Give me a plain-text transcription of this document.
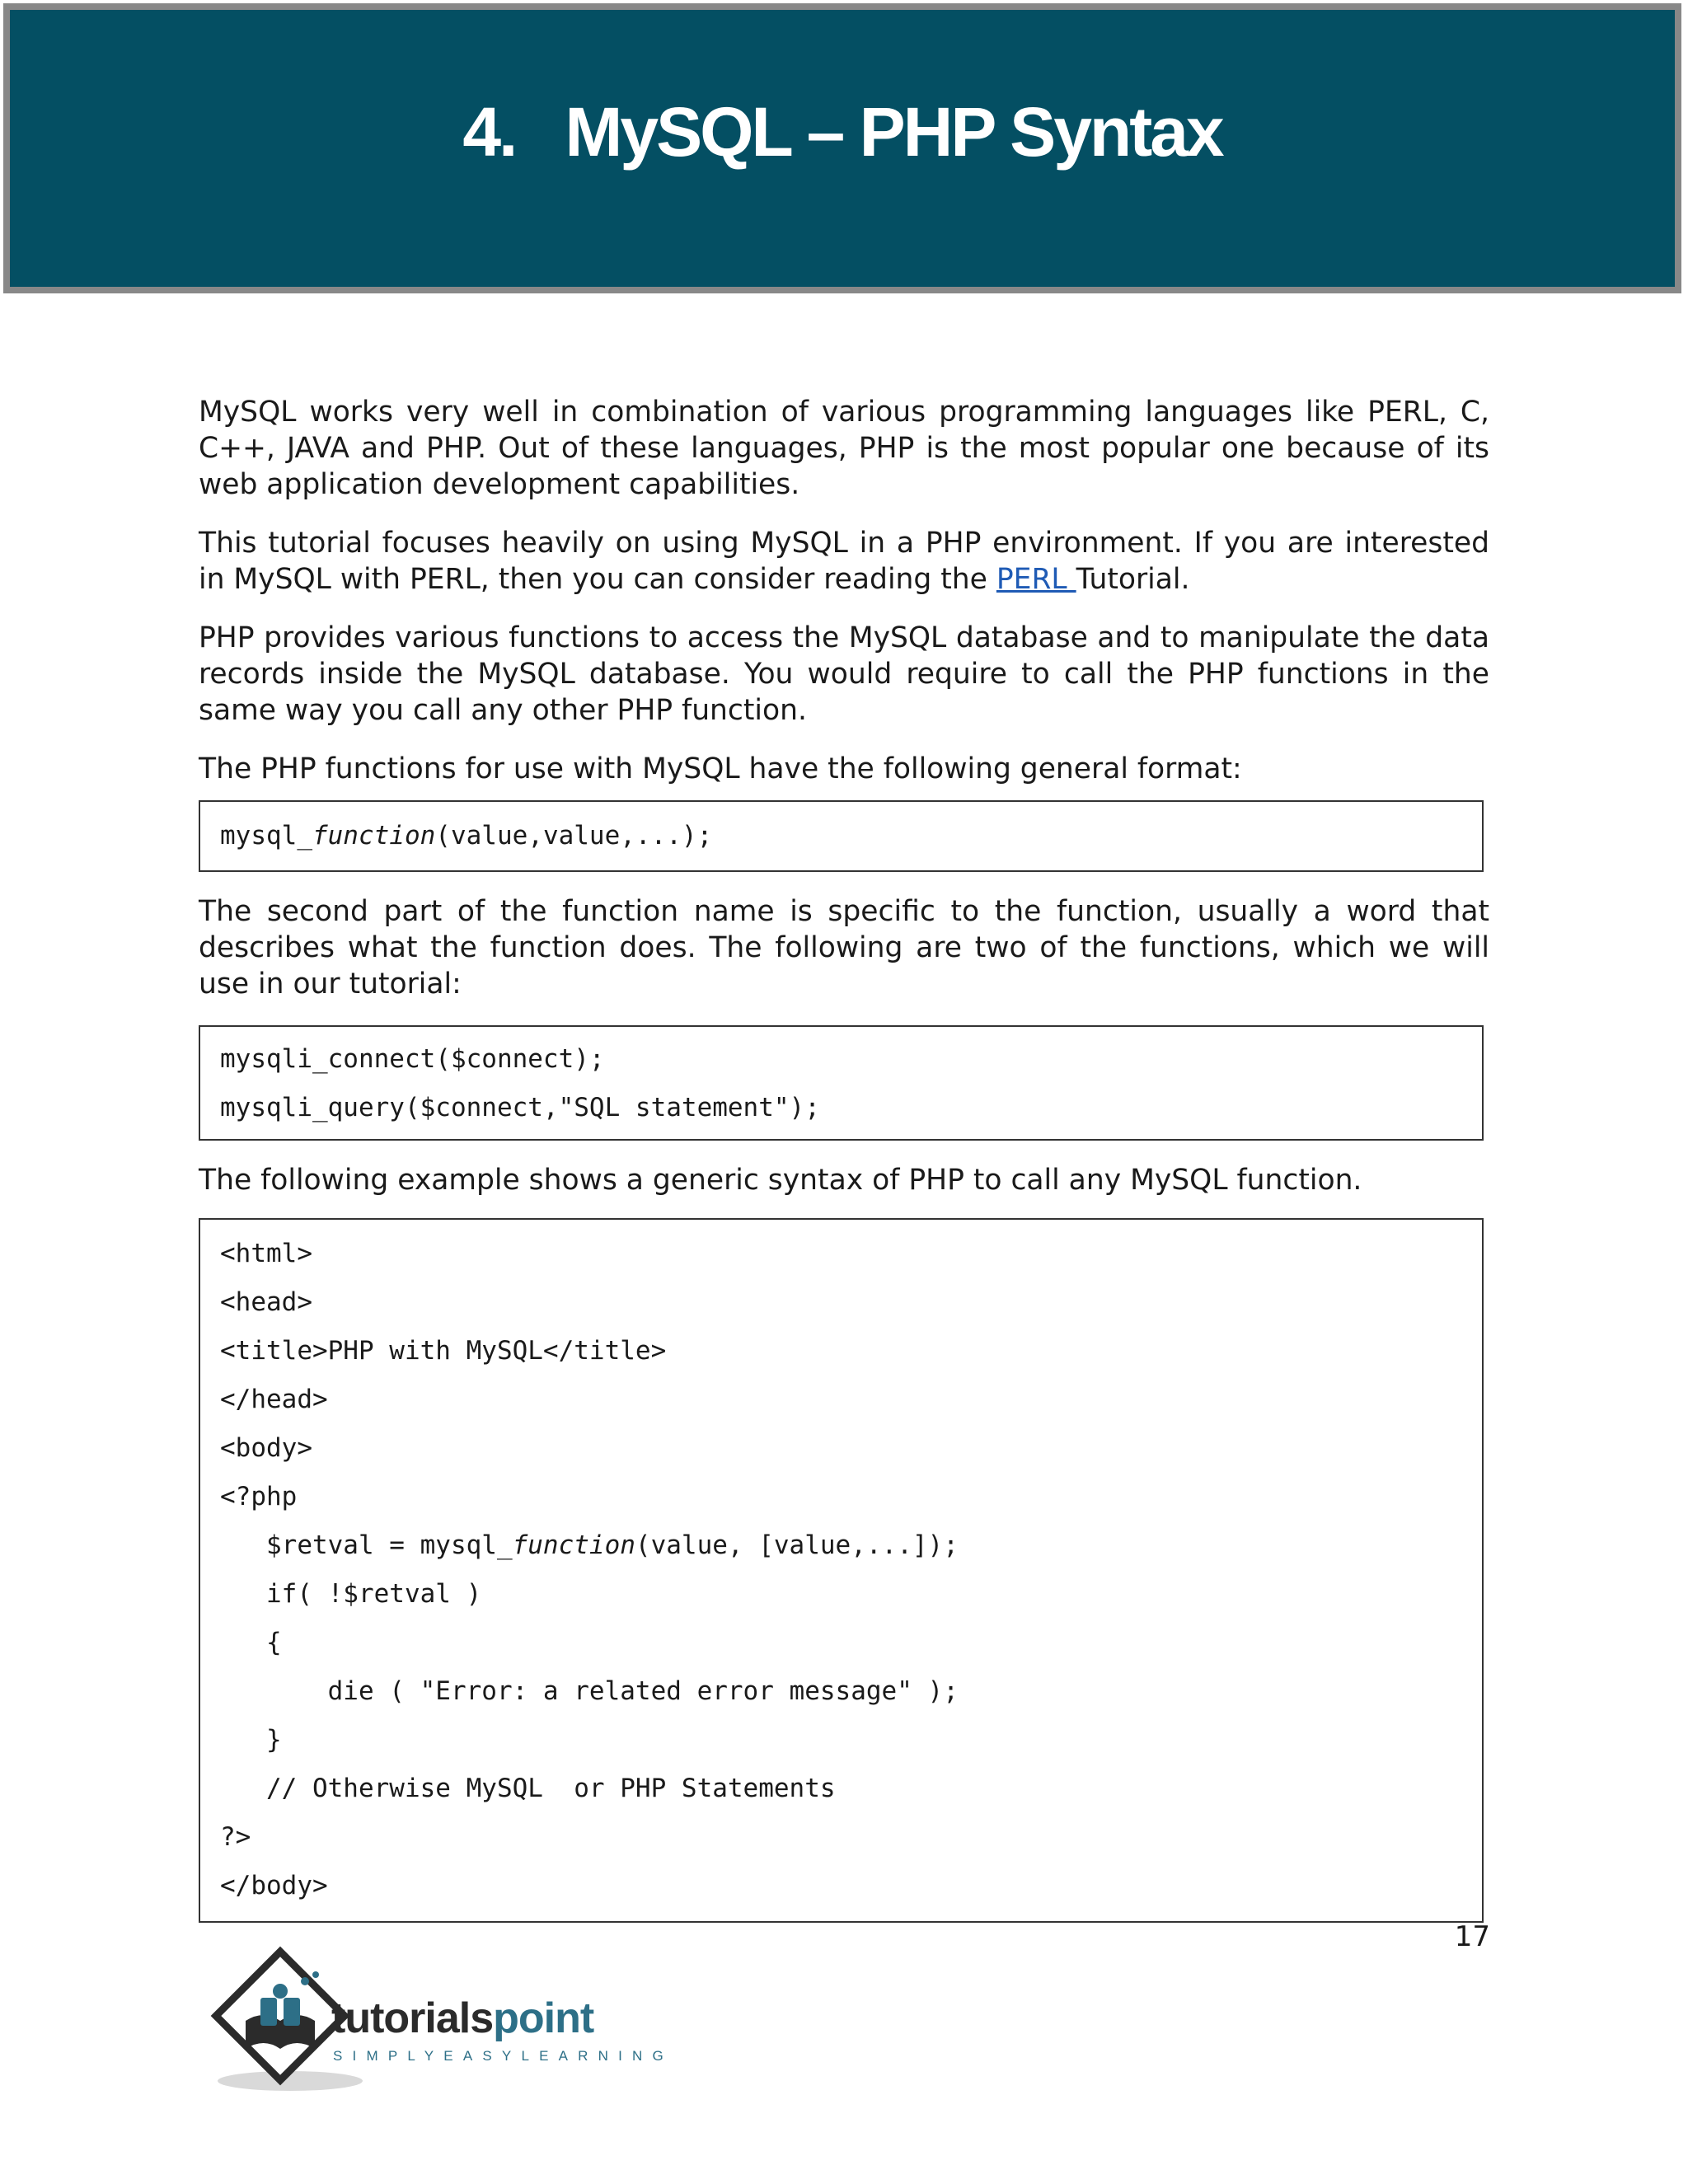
4. MySQL – PHP Syntax

MySQL works very well in combination of various programming languages like PERL, C, C++, JAVA and PHP. Out of these languages, PHP is the most popular one because of its web application development capabilities.

This tutorial focuses heavily on using MySQL in a PHP environment. If you are interested in MySQL with PERL, then you can consider reading the PERL Tutorial.

PHP provides various functions to access the MySQL database and to manipulate the data records inside the MySQL database. You would require to call the PHP functions in the same way you call any other PHP function.

The PHP functions for use with MySQL have the following general format:

mysql_function(value,value,...);

The second part of the function name is specific to the function, usually a word that describes what the function does. The following are two of the functions, which we will use in our tutorial:

mysqli_connect($connect);
mysqli_query($connect,"SQL statement");

The following example shows a generic syntax of PHP to call any MySQL function.

<html>
<head>
<title>PHP with MySQL</title>
</head>
<body>
<?php
$retval = mysql_function(value, [value,...]);
if( !$retval )
{
die ( "Error: a related error message" );
}
// Otherwise MySQL  or PHP Statements
?>
</body>
17
tutorialspoint
SIMPLYEASYLEARNING
